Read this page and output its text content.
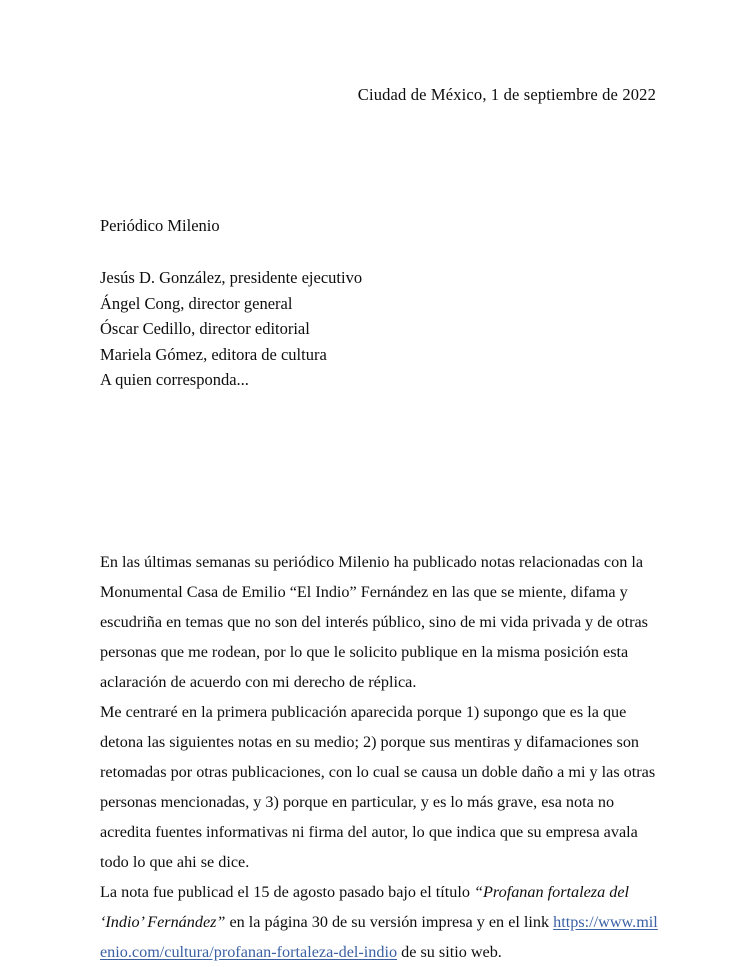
Ciudad de México, 1 de septiembre de 2022
Periódico Milenio
Jesús D. González, presidente ejecutivo
Ángel Cong, director general
Óscar Cedillo, director editorial
Mariela Gómez, editora de cultura
A quien corresponda...

En las últimas semanas su periódico Milenio ha publicado notas relacionadas con la Monumental Casa de Emilio “El Indio” Fernández en las que se miente, difama y escudriña en temas que no son del interés público, sino de mi vida privada y de otras personas que me rodean, por lo que le solicito publique en la misma posición esta aclaración de acuerdo con mi derecho de réplica.

Me centraré en la primera publicación aparecida porque 1) supongo que es la que detona las siguientes notas en su medio; 2) porque sus mentiras y difamaciones son retomadas por otras publicaciones, con lo cual se causa un doble daño a mi y las otras personas mencionadas, y 3) porque en particular, y es lo más grave, esa nota no acredita fuentes informativas ni firma del autor, lo que indica que su empresa avala todo lo que ahi se dice.

La nota fue publicad el 15 de agosto pasado bajo el título “Profanan fortaleza del ‘Indio’ Fernández” en la página 30 de su versión impresa y en el link https://www.milenio.com/cultura/profanan-fortaleza-del-indio de su sitio web.
